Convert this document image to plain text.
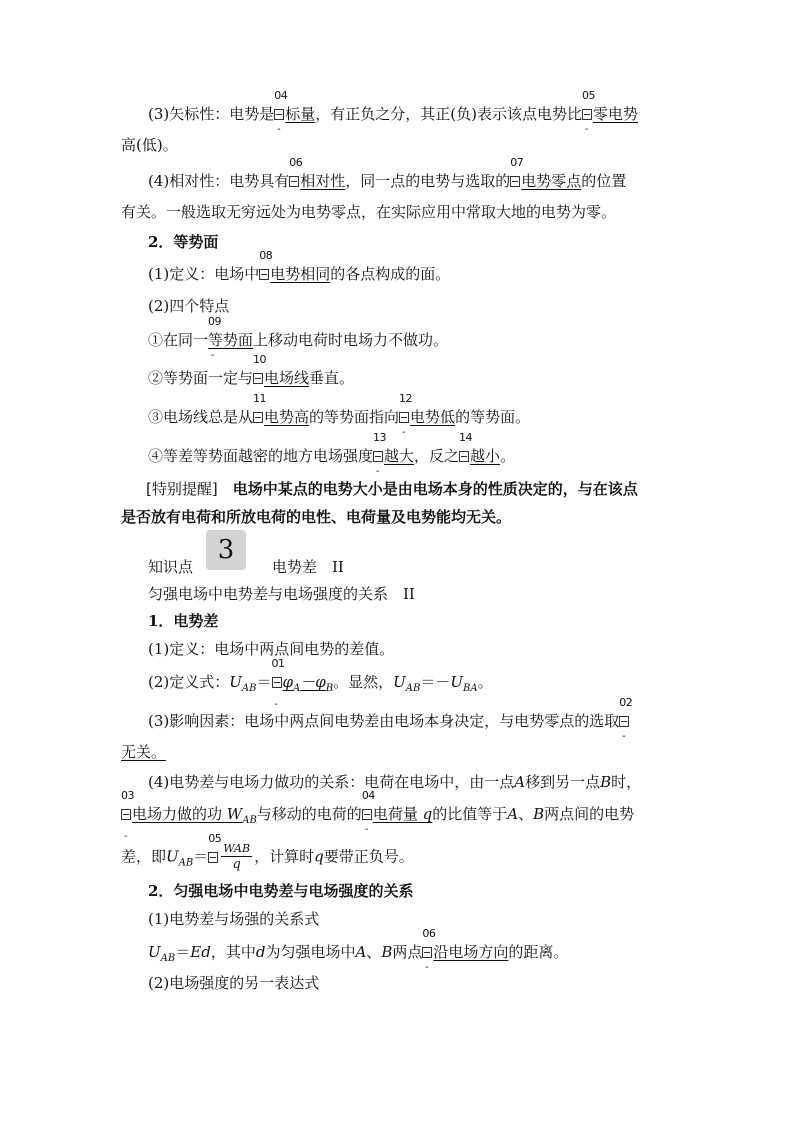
(3)矢标性：电势是
04
标量
-
，有正负之分，其正(负)表示该点电势比
05
零电势
-
高(低)。
(4)相对性：电势具有
06
相对性，同一点的电势与选取的
07
电势零点的位置
有关。一般选取无穷远处为电势零点，在实际应用中常取大地的电势为零。
2．等势面
(1)定义：电场中
08
电势相同的各点构成的面。
(2)四个特点
①在同一
09
等势面
-
上移动电荷时电场力不做功。
②等势面一定与
10
电场线垂直。
③电场线总是从
11
电势高的等势面指向
12
电势低
-
的等势面。
④等差等势面越密的地方电场强度
13
越大
-
，反之
14
越小。
[特别提醒]　 电场中某点的电势大小是由电场本身的性质决定的，与在该点
是否放有电荷和所放电荷的电性、电荷量及电势能均无关。
知识点
3
电势差　II
匀强电场中电势差与电场强度的关系　II
1．电势差
(1)定义：电场中两点间电势的差值。
(2)定义式：$U_{AB}=$
01
$\varphi_A-\varphi_B$
-
。显然，$U_{AB}=-U_{BA}$。
(3)影响因素：电场中两点间电势差由电场本身决定，与电势零点的选取
02
-
无关。
(4)电势差与电场力做功的关系：电荷在电场中，由一点A移到另一点B时，
03
电场力做的功 $W_{AB}$
-
与移动的电荷的
04
电荷量 q
-
的比值等于A、B两点间的电势
差，即$U_{AB}=$
05
$\frac{\text{WAB}}{q}$ ，计算时q要带正负号。
2．匀强电场中电势差与电场强度的关系
(1)电势差与场强的关系式
$U_{AB}=Ed$，其中d为匀强电场中A、B两点
06
沿电场方向
-
的距离。
(2)电场强度的另一表达式
